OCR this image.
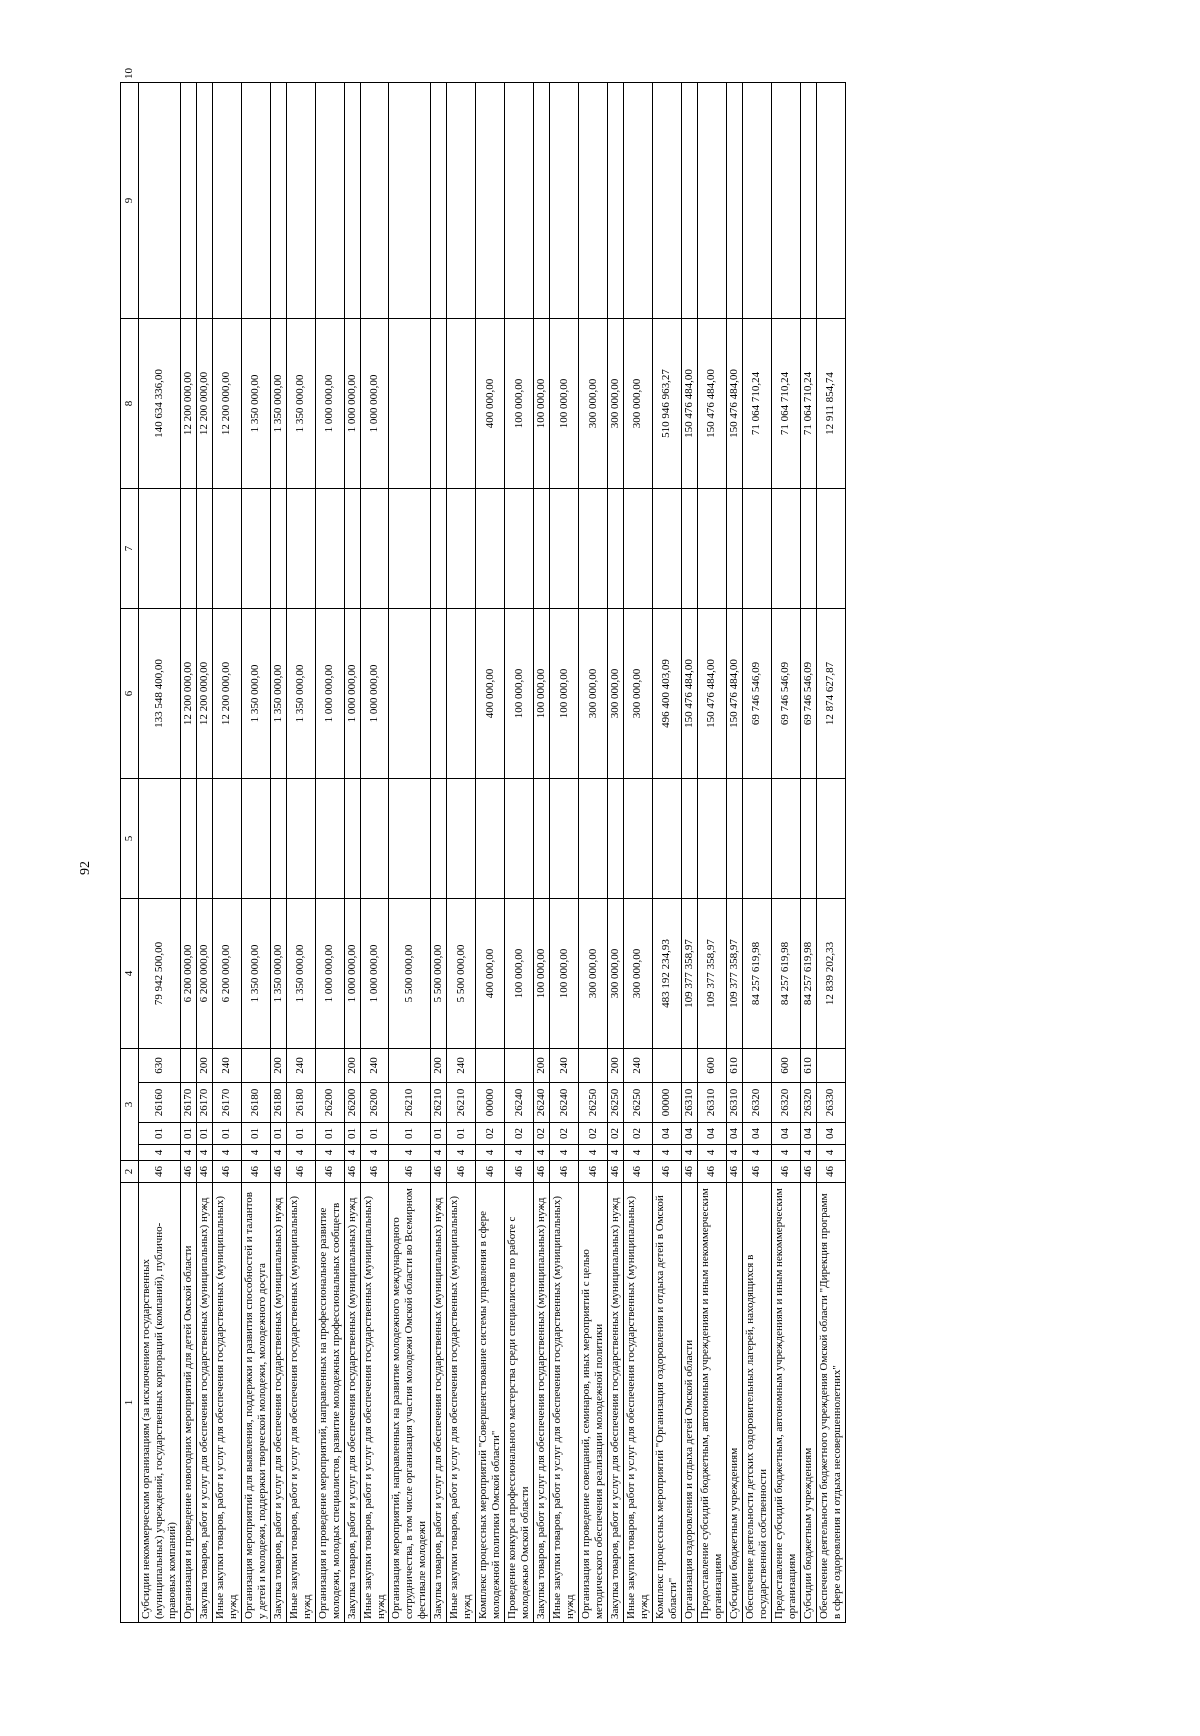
92
1	2	3				4	5	6	7	8	9	10
Субсидии некоммерческим организациям (за исключением государственных (муниципальных) учреждений, государственных корпораций (компаний), публично-правовых компаний)	46	4	01	26160	630	79 942 500,00		133 548 400,00		140 634 336,00		
Организация и проведение новогодних мероприятий для детей Омской области	46	4	01	26170		6 200 000,00		12 200 000,00		12 200 000,00		
Закупка товаров, работ и услуг для обеспечения государственных (муниципальных) нужд	46	4	01	26170	200	6 200 000,00		12 200 000,00		12 200 000,00		
Иные закупки товаров, работ и услуг для обеспечения государственных (муниципальных) нужд	46	4	01	26170	240	6 200 000,00		12 200 000,00		12 200 000,00		
Организация мероприятий для выявления, поддержки и развития способностей и талантов у детей и молодежи, поддержки творческой молодежи, молодежного досуга	46	4	01	26180		1 350 000,00		1 350 000,00		1 350 000,00		
Закупка товаров, работ и услуг для обеспечения государственных (муниципальных) нужд	46	4	01	26180	200	1 350 000,00		1 350 000,00		1 350 000,00		
Иные закупки товаров, работ и услуг для обеспечения государственных (муниципальных) нужд	46	4	01	26180	240	1 350 000,00		1 350 000,00		1 350 000,00		
Организация и проведение мероприятий, направленных на профессиональное развитие молодежи, молодых специалистов, развитие молодежных профессиональных сообществ	46	4	01	26200		1 000 000,00		1 000 000,00		1 000 000,00		
Закупка товаров, работ и услуг для обеспечения государственных (муниципальных) нужд	46	4	01	26200	200	1 000 000,00		1 000 000,00		1 000 000,00		
Иные закупки товаров, работ и услуг для обеспечения государственных (муниципальных) нужд	46	4	01	26200	240	1 000 000,00		1 000 000,00		1 000 000,00		
Организация мероприятий, направленных на развитие молодежного международного сотрудничества, в том числе организация участия молодежи Омской области во Всемирном фестивале молодежи	46	4	01	26210		5 500 000,00						
Закупка товаров, работ и услуг для обеспечения государственных (муниципальных) нужд	46	4	01	26210	200	5 500 000,00						
Иные закупки товаров, работ и услуг для обеспечения государственных (муниципальных) нужд	46	4	01	26210	240	5 500 000,00						
Комплекс процессных мероприятий "Совершенствование системы управления в сфере молодежной политики Омской области"	46	4	02	00000		400 000,00		400 000,00		400 000,00		
Проведение конкурса профессионального мастерства среди специалистов по работе с молодежью Омской области	46	4	02	26240		100 000,00		100 000,00		100 000,00		
Закупка товаров, работ и услуг для обеспечения государственных (муниципальных) нужд	46	4	02	26240	200	100 000,00		100 000,00		100 000,00		
Иные закупки товаров, работ и услуг для обеспечения государственных (муниципальных) нужд	46	4	02	26240	240	100 000,00		100 000,00		100 000,00		
Организация и проведение совещаний, семинаров, иных мероприятий с целью методического обеспечения реализации молодежной политики	46	4	02	26250		300 000,00		300 000,00		300 000,00		
Закупка товаров, работ и услуг для обеспечения государственных (муниципальных) нужд	46	4	02	26250	200	300 000,00		300 000,00		300 000,00		
Иные закупки товаров, работ и услуг для обеспечения государственных (муниципальных) нужд	46	4	02	26250	240	300 000,00		300 000,00		300 000,00		
Комплекс процессных мероприятий "Организация оздоровления и отдыха детей в Омской области"	46	4	04	00000		483 192 234,93		496 400 403,09		510 946 963,27		
Организация оздоровления и отдыха детей Омской области	46	4	04	26310		109 377 358,97		150 476 484,00		150 476 484,00		
Предоставление субсидий бюджетным, автономным учреждениям и иным некоммерческим организациям	46	4	04	26310	600	109 377 358,97		150 476 484,00		150 476 484,00		
Субсидии бюджетным учреждениям	46	4	04	26310	610	109 377 358,97		150 476 484,00		150 476 484,00		
Обеспечение деятельности детских оздоровительных лагерей, находящихся в государственной собственности	46	4	04	26320		84 257 619,98		69 746 546,09		71 064 710,24		
Предоставление субсидий бюджетным, автономным учреждениям и иным некоммерческим организациям	46	4	04	26320	600	84 257 619,98		69 746 546,09		71 064 710,24		
Субсидии бюджетным учреждениям	46	4	04	26320	610	84 257 619,98		69 746 546,09		71 064 710,24		
Обеспечение деятельности бюджетного учреждения Омской области "Дирекция программ в сфере оздоровления и отдыха несовершеннолетних"	46	4	04	26330		12 839 202,33		12 874 627,87		12 911 854,74		
